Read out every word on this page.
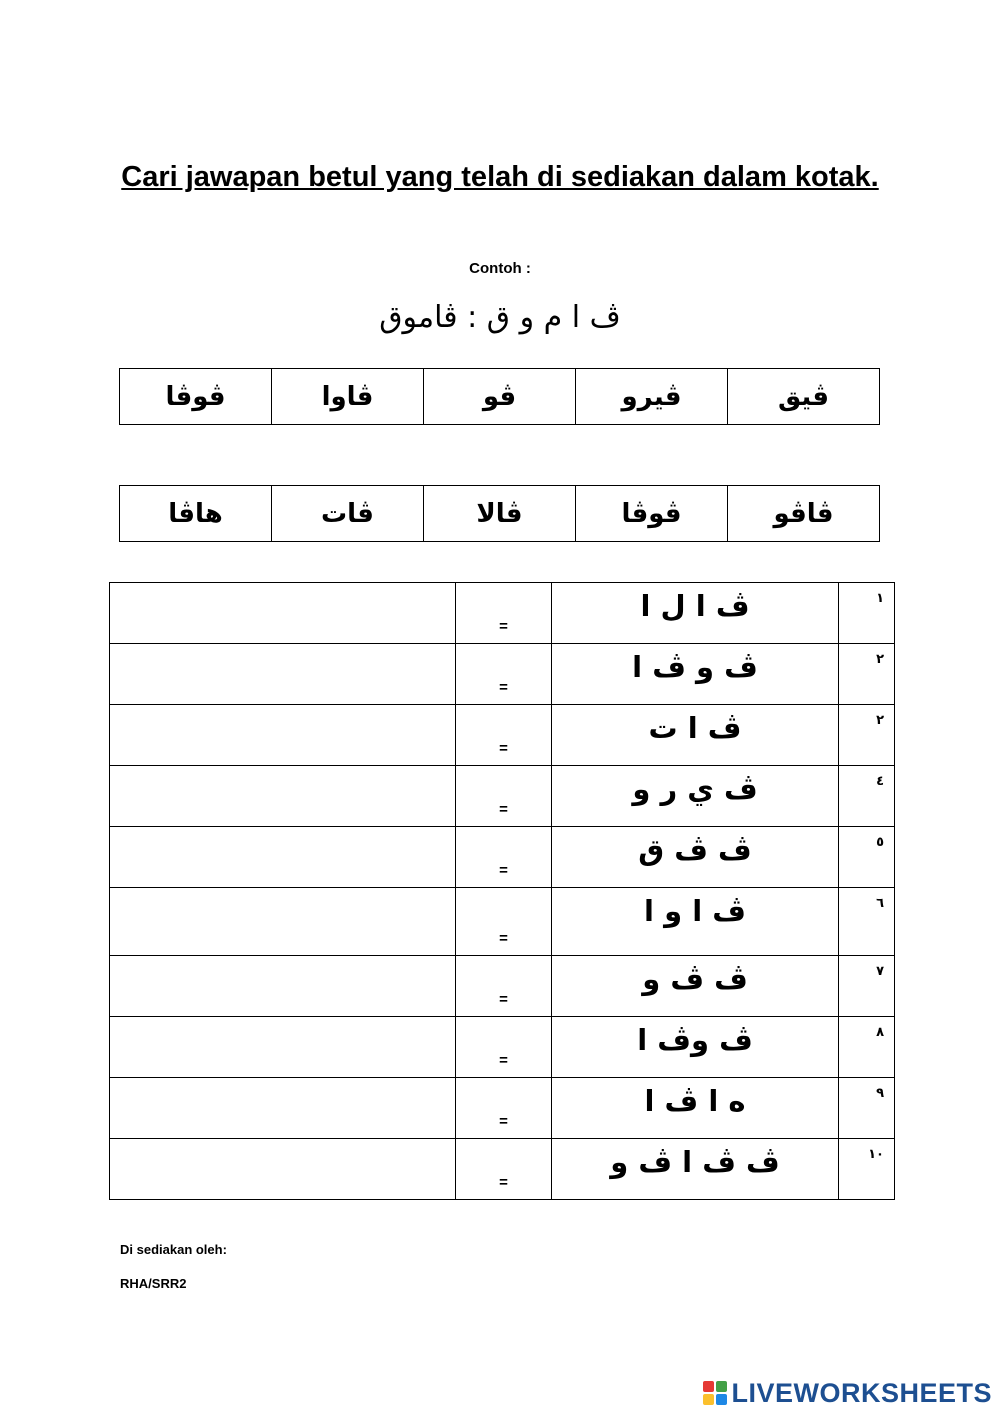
Cari jawapan betul yang telah di sediakan dalam kotak.
Contoh :
ڤ ا م و ق : ڤاموق
ڤيق	ڤيرو	ڤو	ڤاوا	ڤوڤا
ڤاڤو	ڤوڤا	ڤالا	ڤات	هاڤا

=	ڤ ا ل ا	١

=	ڤ و ڤ ا	٢

=	ڤ ا ت	٢

=	ڤ ي ر و	٤

=	ڤ ڤ ق	٥

=	ڤ ا و ا	٦

=	ڤ ڤ و	٧

=	ڤ وڤ ا	٨

=	ه ا ڤ ا	٩

=	ڤ ڤ ا ڤ و	١٠
Di sediakan oleh:
RHA/SRR2
LIVEWORKSHEETS
